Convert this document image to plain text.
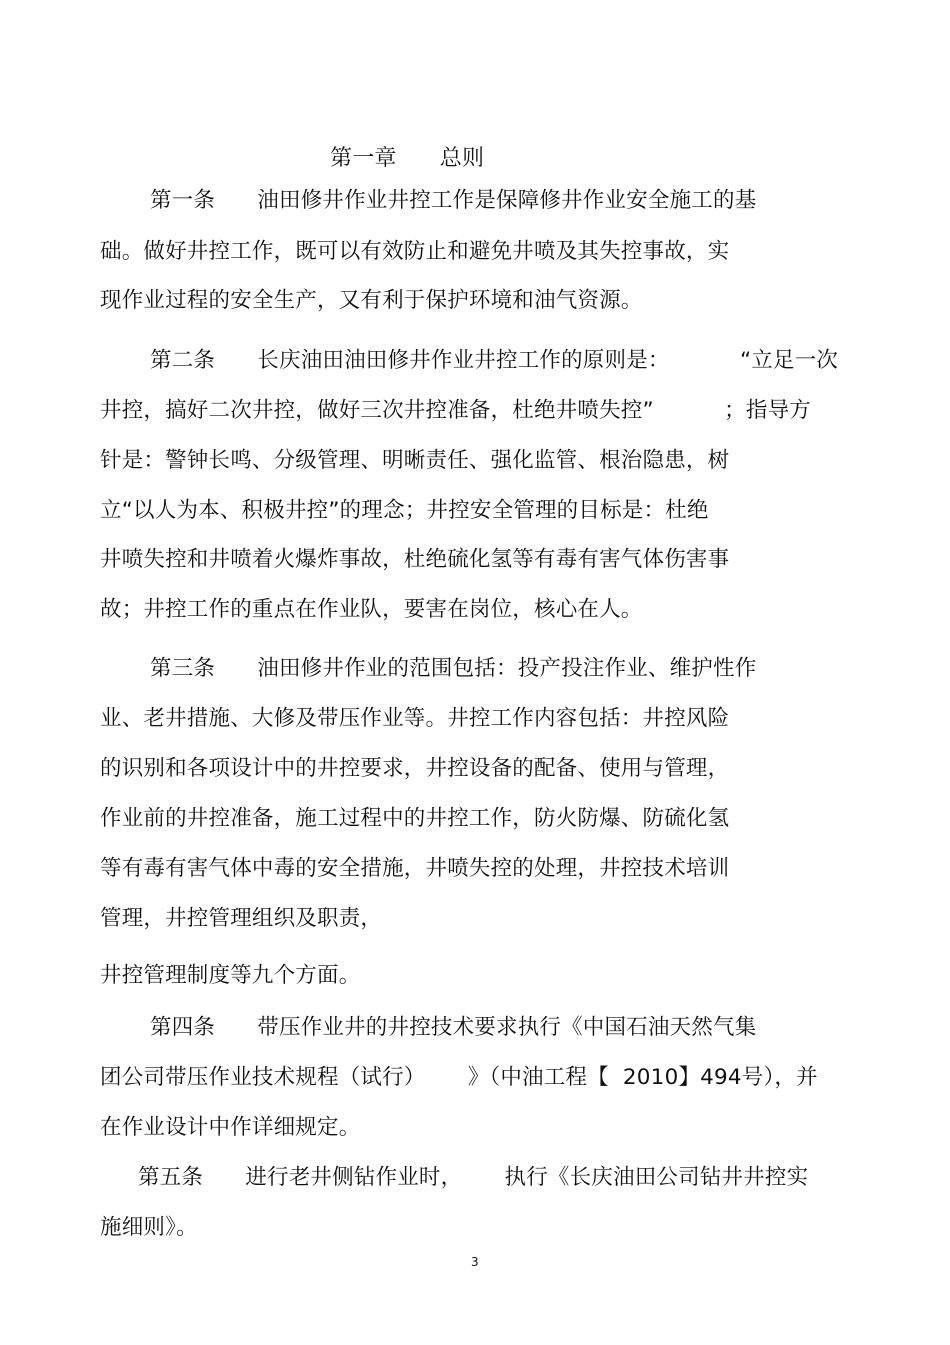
第一章      总则
第一条      油田修井作业井控工作是保障修井作业安全施工的基
础。做好井控工作，既可以有效防止和避免井喷及其失控事故，实
现作业过程的安全生产，又有利于保护环境和油气资源。
第二条      长庆油田油田修井作业井控工作的原则是：          “立足一次
井控，搞好二次井控，做好三次井控准备，杜绝井喷失控”          ；指导方
针是：警钟长鸣、分级管理、明晰责任、强化监管、根治隐患，树
立“以人为本、积极井控”的理念；井控安全管理的目标是：杜绝
井喷失控和井喷着火爆炸事故，杜绝硫化氢等有毒有害气体伤害事
故；井控工作的重点在作业队，要害在岗位，核心在人。
第三条      油田修井作业的范围包括：投产投注作业、维护性作
业、老井措施、大修及带压作业等。井控工作内容包括：井控风险
的识别和各项设计中的井控要求，井控设备的配备、使用与管理，
作业前的井控准备，施工过程中的井控工作，防火防爆、防硫化氢
等有毒有害气体中毒的安全措施，井喷失控的处理，井控技术培训
管理，井控管理组织及职责，
井控管理制度等九个方面。
第四条      带压作业井的井控技术要求执行《中国石油天然气集
团公司带压作业技术规程（试行）      》（中油工程【  2010】494号），并
在作业设计中作详细规定。
第五条      进行老井侧钻作业时，      执行《长庆油田公司钻井井控实
施细则》。
3
